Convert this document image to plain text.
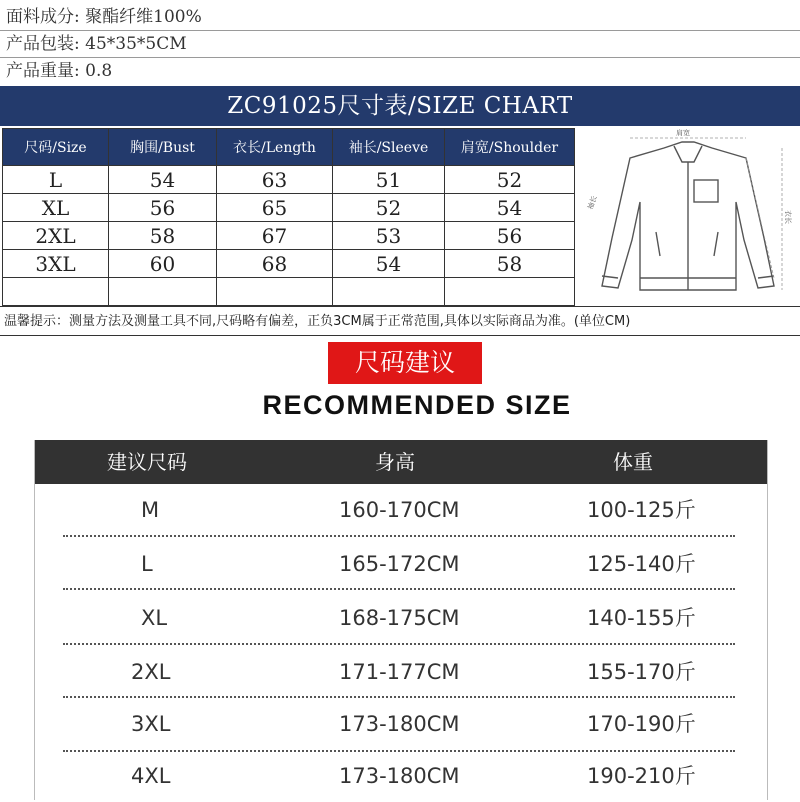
面料成分: 聚酯纤维100%
产品包装: 45*35*5CM
产品重量: 0.8
ZC91025尺寸表/SIZE CHART
尺码/Size	胸围/Bust	衣长/Length	袖长/Sleeve	肩宽/Shoulder
L	54	63	51	52
XL	56	65	52	54
2XL	58	67	53	56
3XL	60	68	54	58

肩宽
袖长
衣长
温馨提示：测量方法及测量工具不同,尺码略有偏差，正负3CM属于正常范围,具体以实际商品为准。(单位CM)
尺码建议
RECOMMENDED SIZE
建议尺码	身高	体重
M	160-170CM	100-125斤
L	165-172CM	125-140斤
XL	168-175CM	140-155斤
2XL	171-177CM	155-170斤
3XL	173-180CM	170-190斤
4XL	173-180CM	190-210斤
